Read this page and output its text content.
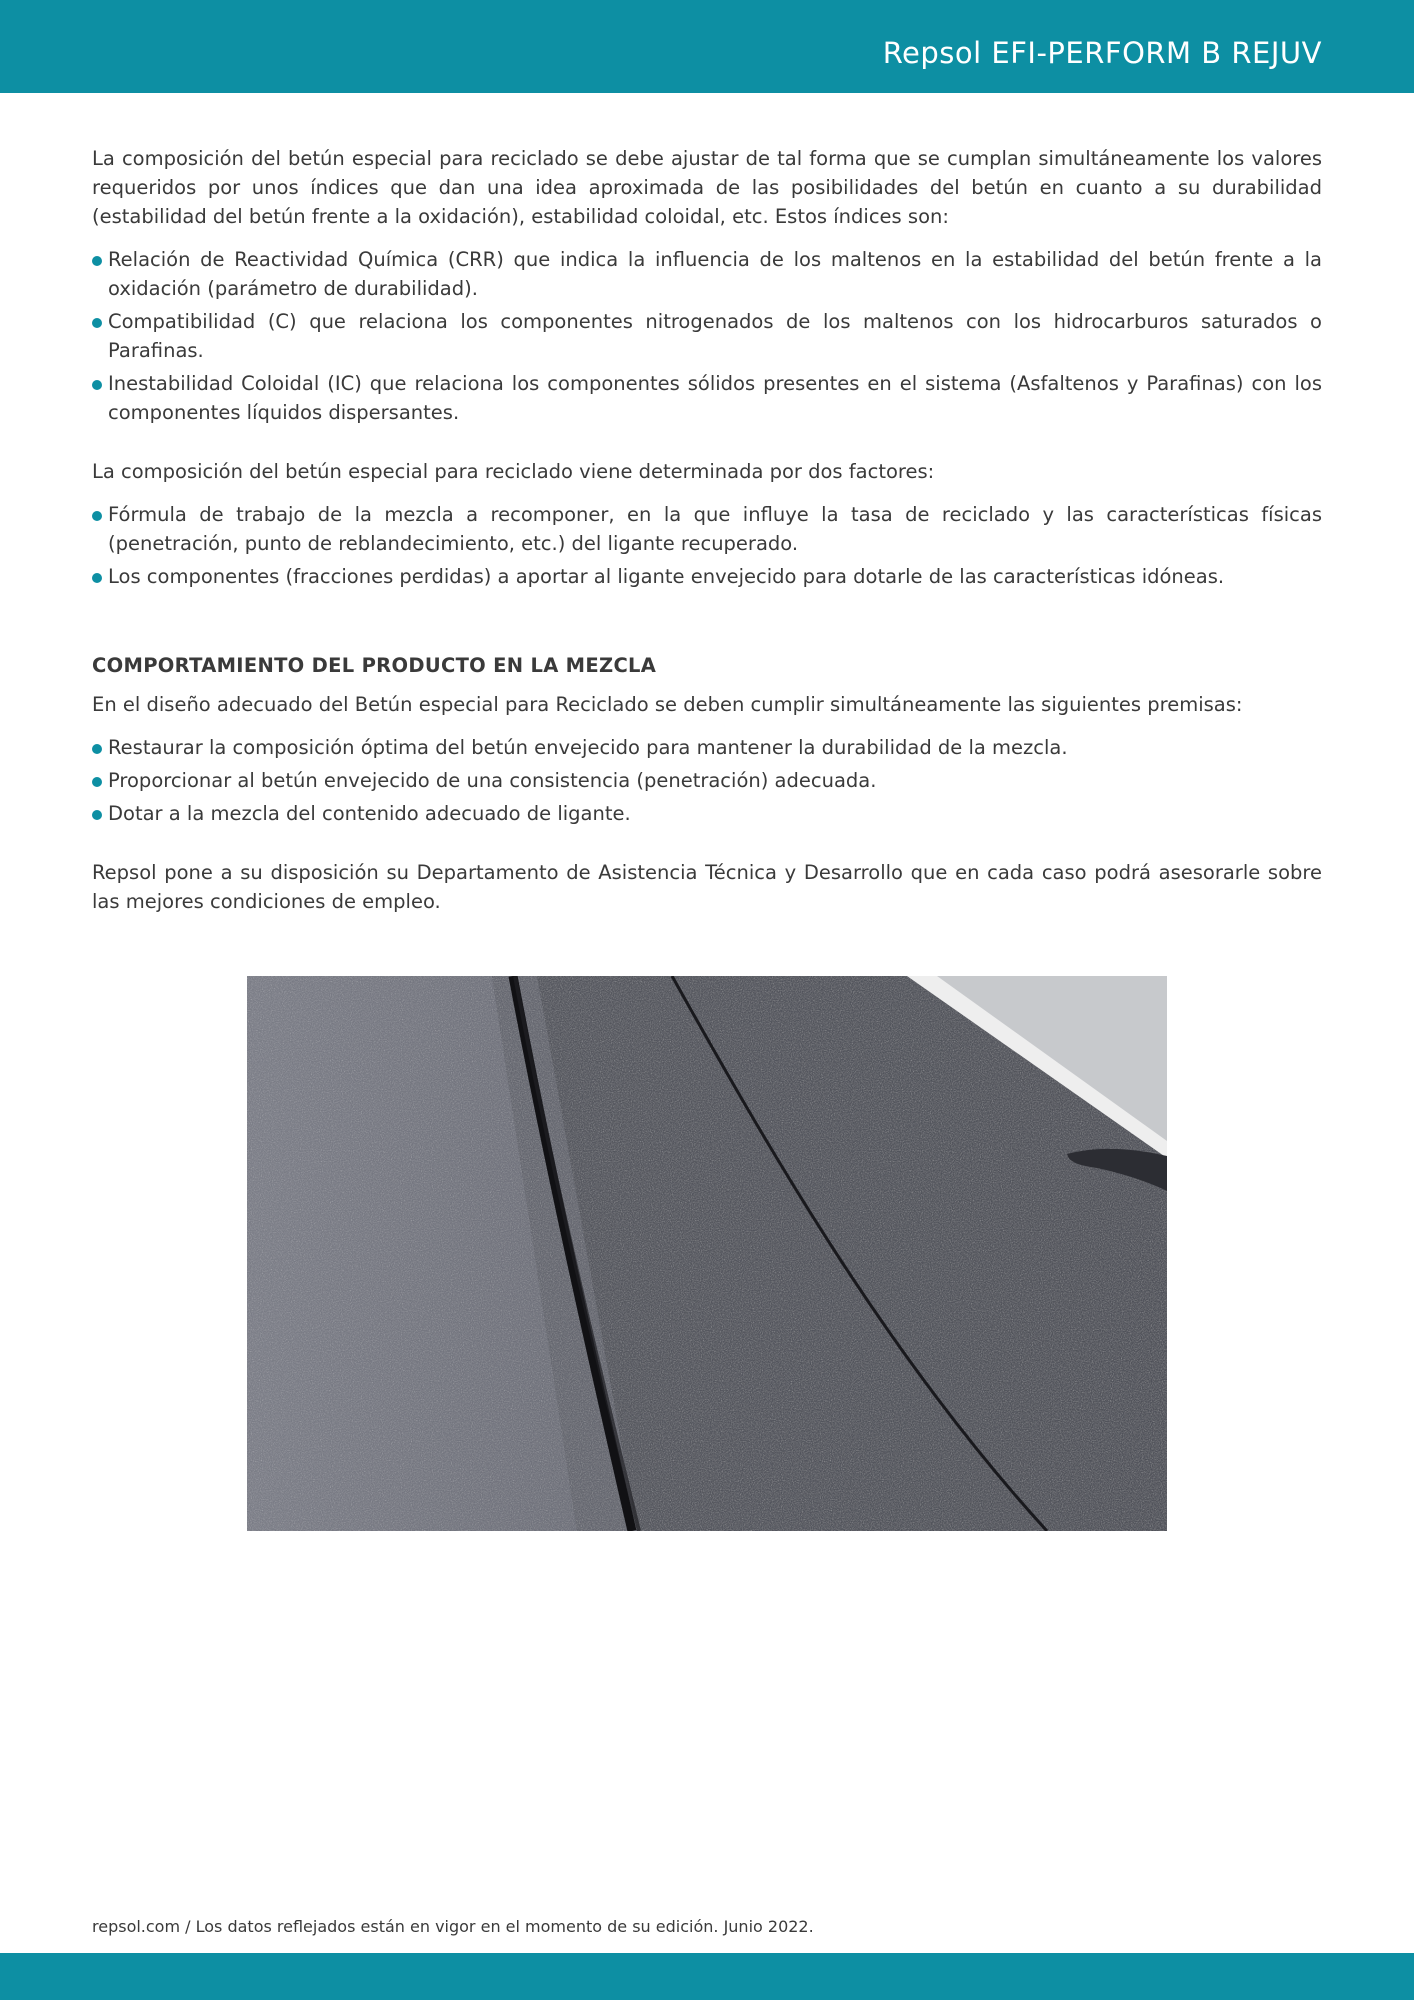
Repsol EFI-PERFORM B REJUV

La composición del betún especial para reciclado se debe ajustar de tal forma que se cumplan simultáneamente los valores requeridos por unos índices que dan una idea aproximada de las posibilidades del betún en cuanto a su durabilidad (estabilidad del betún frente a la oxidación), estabilidad coloidal, etc. Estos índices son:

Relación de Reactividad Química (CRR) que indica la influencia de los maltenos en la estabilidad del betún frente a la oxidación (parámetro de durabilidad).
Compatibilidad (C) que relaciona los componentes nitrogenados de los maltenos con los hidrocarburos saturados o Parafinas.
Inestabilidad Coloidal (IC) que relaciona los componentes sólidos presentes en el sistema (Asfaltenos y Parafinas) con los componentes líquidos dispersantes.

La composición del betún especial para reciclado viene determinada por dos factores:

Fórmula de trabajo de la mezcla a recomponer, en la que influye la tasa de reciclado y las características físicas (penetración, punto de reblandecimiento, etc.) del ligante recuperado.
Los componentes (fracciones perdidas) a aportar al ligante envejecido para dotarle de las características idóneas.
COMPORTAMIENTO DEL PRODUCTO EN LA MEZCLA

En el diseño adecuado del Betún especial para Reciclado se deben cumplir simultáneamente las siguientes premisas:

Restaurar la composición óptima del betún envejecido para mantener la durabilidad de la mezcla.
Proporcionar al betún envejecido de una consistencia (penetración) adecuada.
Dotar a la mezcla del contenido adecuado de ligante.

Repsol pone a su disposición su Departamento de Asistencia Técnica y Desarrollo que en cada caso podrá asesorarle sobre las mejores condiciones de empleo.

repsol.com / Los datos reflejados están en vigor en el momento de su edición. Junio 2022.
